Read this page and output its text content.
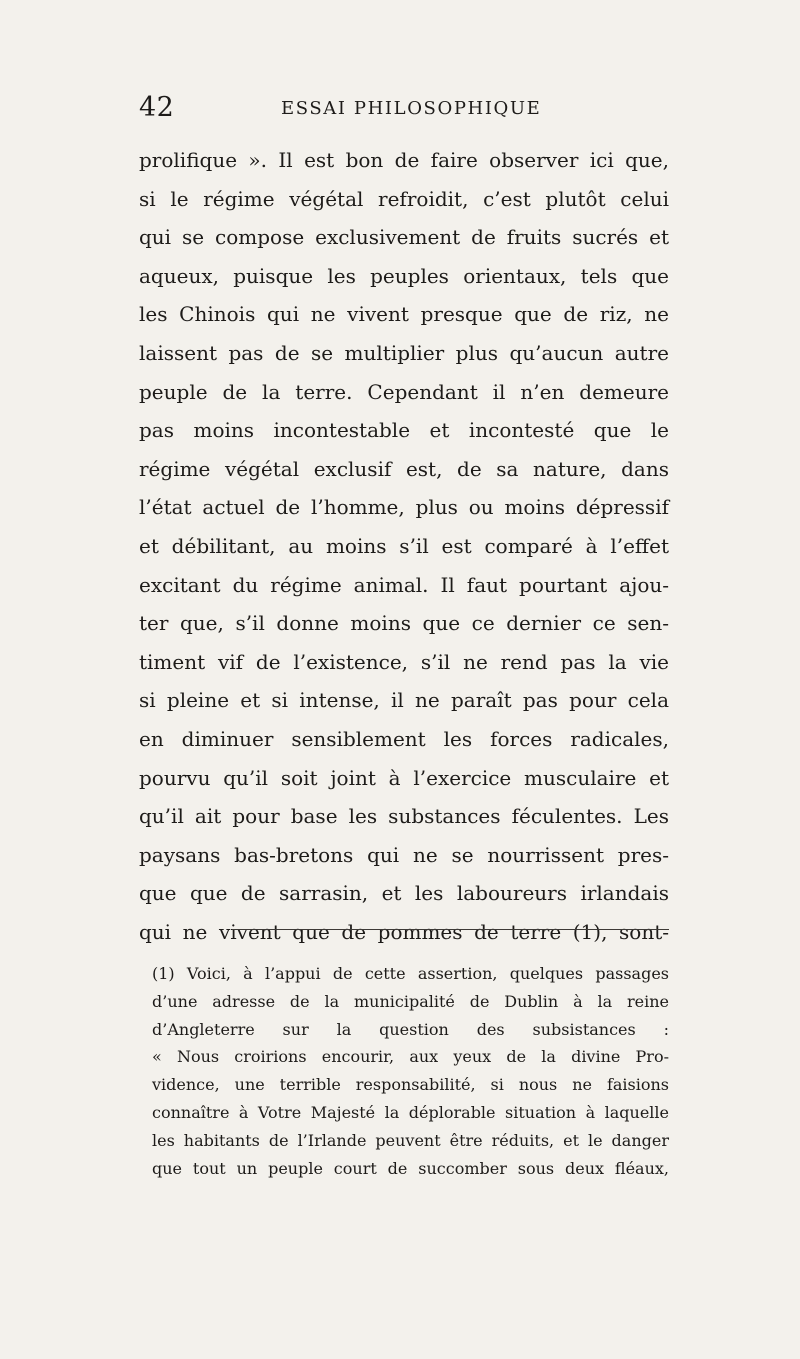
42	ESSAI PHILOSOPHIQUE
prolifique ». Il est bon de faire observer ici que,
si le régime végétal refroidit, c’est plutôt celui
qui se compose exclusivement de fruits sucrés et
aqueux, puisque les peuples orientaux, tels que
les Chinois qui ne vivent presque que de riz, ne
laissent pas de se multiplier plus qu’aucun autre
peuple de la terre. Cependant il n’en demeure
pas moins incontestable et incontesté que le
régime végétal exclusif est, de sa nature, dans
l’état actuel de l’homme, plus ou moins dépressif
et débilitant, au moins s’il est comparé à l’effet
excitant du régime animal. Il faut pourtant ajou-
ter que, s’il donne moins que ce dernier ce sen-
timent vif de l’existence, s’il ne rend pas la vie
si pleine et si intense, il ne paraît pas pour cela
en diminuer sensiblement les forces radicales,
pourvu qu’il soit joint à l’exercice musculaire et
qu’il ait pour base les substances féculentes. Les
paysans bas-bretons qui ne se nourrissent pres-
que que de sarrasin, et les laboureurs irlandais
qui ne vivent que de pommes de terre (1), sont-
(1) Voici, à l’appui de cette assertion, quelques passages
d’une adresse de la municipalité de Dublin à la reine
d’Angleterre sur la question des subsistances :
« Nous croirions encourir, aux yeux de la divine Pro-
vidence, une terrible responsabilité, si nous ne faisions
connaître à Votre Majesté la déplorable situation à laquelle
les habitants de l’Irlande peuvent être réduits, et le danger
que tout un peuple court de succomber sous deux fléaux,
